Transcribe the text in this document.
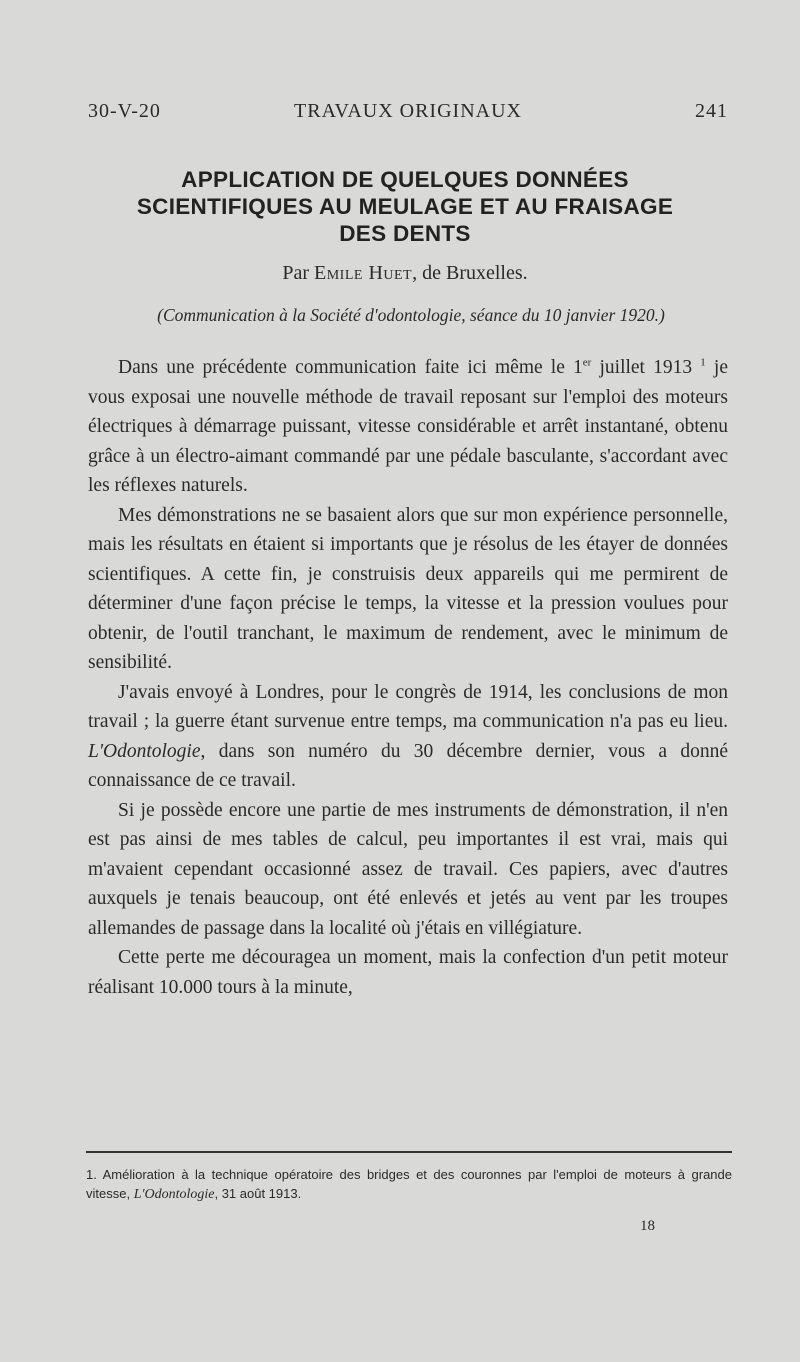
30-V-20	TRAVAUX ORIGINAUX	241
APPLICATION DE QUELQUES DONNÉES
SCIENTIFIQUES AU MEULAGE ET AU FRAISAGE
DES DENTS
Par Emile Huet, de Bruxelles.
(Communication à la Société d'odontologie, séance du 10 janvier 1920.)

Dans une précédente communication faite ici même le 1er juillet 1913 $^1$ je vous exposai une nouvelle méthode de travail reposant sur l'emploi des moteurs électriques à démarrage puissant, vitesse considérable et arrêt instantané, obtenu grâce à un électro-aimant commandé par une pédale basculante, s'accordant avec les réflexes naturels.

Mes démonstrations ne se basaient alors que sur mon expérience personnelle, mais les résultats en étaient si importants que je résolus de les étayer de données scientifiques. A cette fin, je construisis deux appareils qui me permirent de déterminer d'une façon précise le temps, la vitesse et la pression voulues pour obtenir, de l'outil tranchant, le maximum de rendement, avec le minimum de sensibilité.

J'avais envoyé à Londres, pour le congrès de 1914, les conclusions de mon travail ; la guerre étant survenue entre temps, ma communication n'a pas eu lieu. L'Odontologie, dans son numéro du 30 décembre dernier, vous a donné connaissance de ce travail.

Si je possède encore une partie de mes instruments de démonstration, il n'en est pas ainsi de mes tables de calcul, peu importantes il est vrai, mais qui m'avaient cependant occasionné assez de travail. Ces papiers, avec d'autres auxquels je tenais beaucoup, ont été enlevés et jetés au vent par les troupes allemandes de passage dans la localité où j'étais en villégiature.

Cette perte me découragea un moment, mais la confection d'un petit moteur réalisant 10.000 tours à la minute,

1. Amélioration à la technique opératoire des bridges et des couronnes par l'emploi de moteurs à grande vitesse, L'Odontologie, 31 août 1913.
18
